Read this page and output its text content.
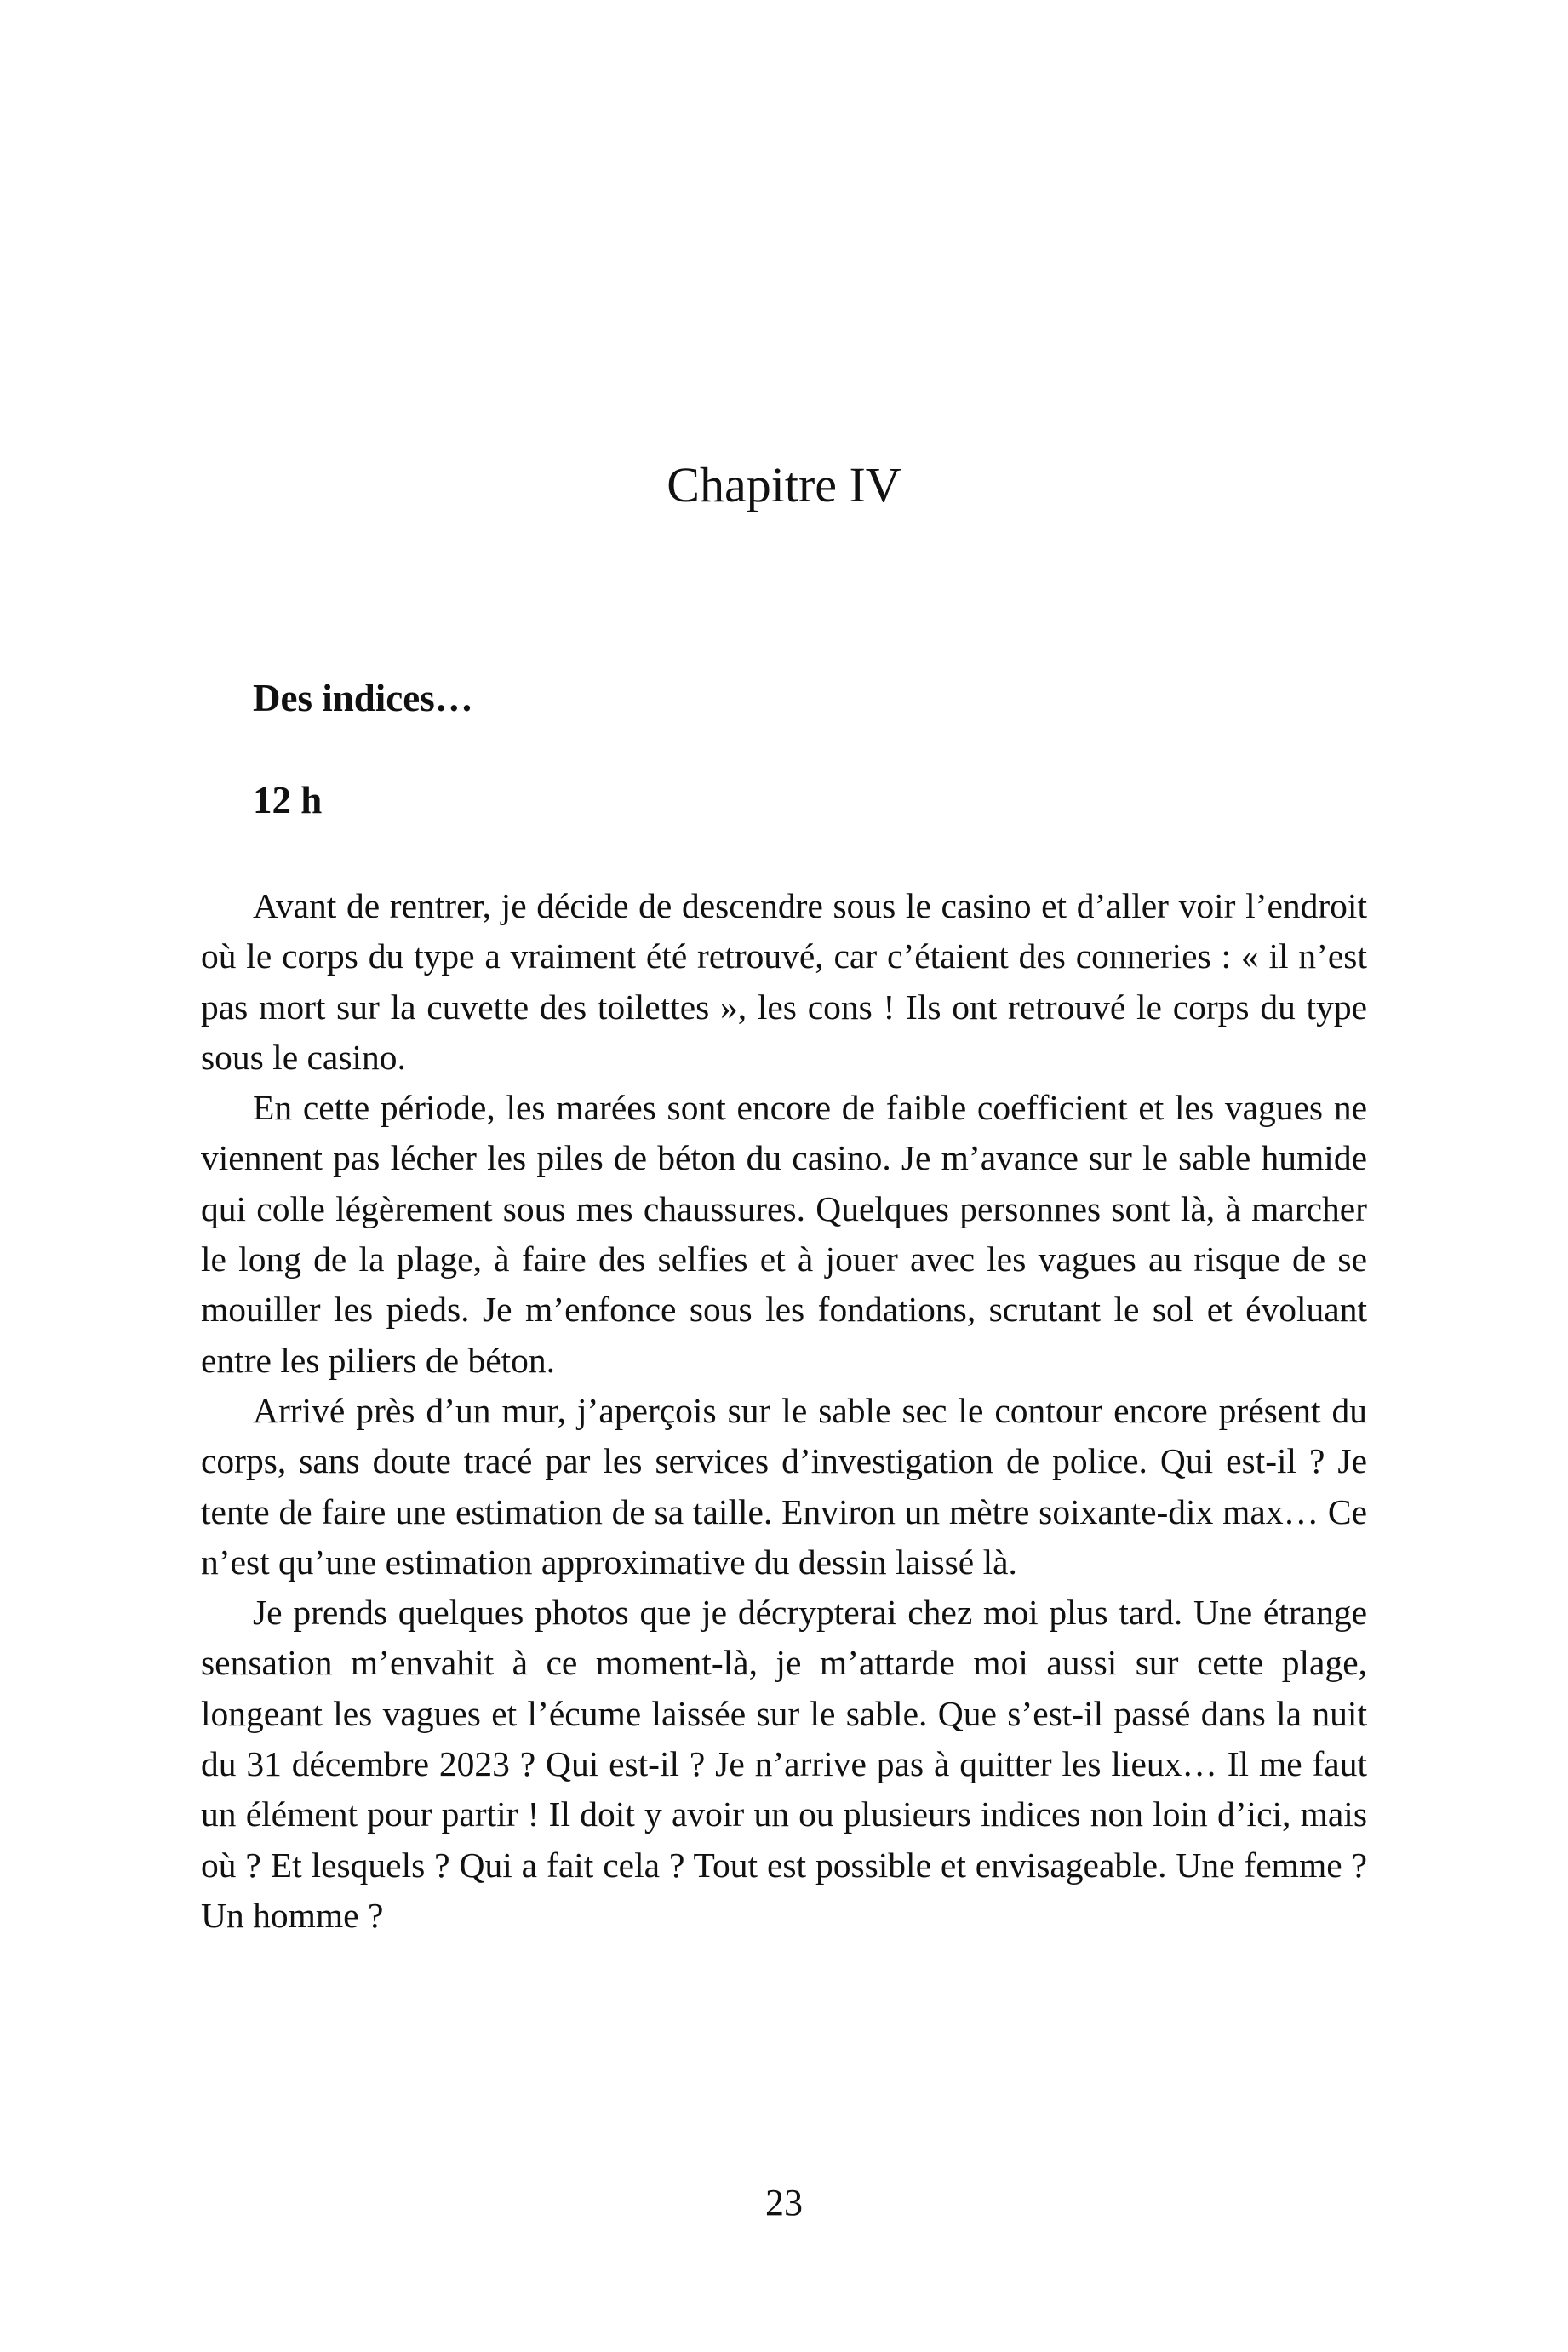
Chapitre IV
Des indices…
12 h

Avant de rentrer, je décide de descendre sous le casino et d’aller voir l’endroit où le corps du type a vraiment été retrouvé, car c’étaient des conneries : « il n’est pas mort sur la cuvette des toilettes », les cons ! Ils ont retrouvé le corps du type sous le casino.

En cette période, les marées sont encore de faible coefficient et les vagues ne viennent pas lécher les piles de béton du casino. Je m’avance sur le sable humide qui colle légèrement sous mes chaussures. Quelques personnes sont là, à marcher le long de la plage, à faire des selfies et à jouer avec les vagues au risque de se mouiller les pieds. Je m’enfonce sous les fondations, scrutant le sol et évoluant entre les piliers de béton.

Arrivé près d’un mur, j’aperçois sur le sable sec le contour encore présent du corps, sans doute tracé par les services d’investigation de police. Qui est-il ? Je tente de faire une estimation de sa taille. Environ un mètre soixante-dix max… Ce n’est qu’une estimation approximative du dessin laissé là.

Je prends quelques photos que je décrypterai chez moi plus tard. Une étrange sensation m’envahit à ce moment-là, je m’attarde moi aussi sur cette plage, longeant les vagues et l’écume laissée sur le sable. Que s’est-il passé dans la nuit du 31 décembre 2023 ? Qui est-il ? Je n’arrive pas à quitter les lieux… Il me faut un élément pour partir ! Il doit y avoir un ou plusieurs indices non loin d’ici, mais où ? Et lesquels ? Qui a fait cela ? Tout est possible et envisageable. Une femme ? Un homme ?

23
